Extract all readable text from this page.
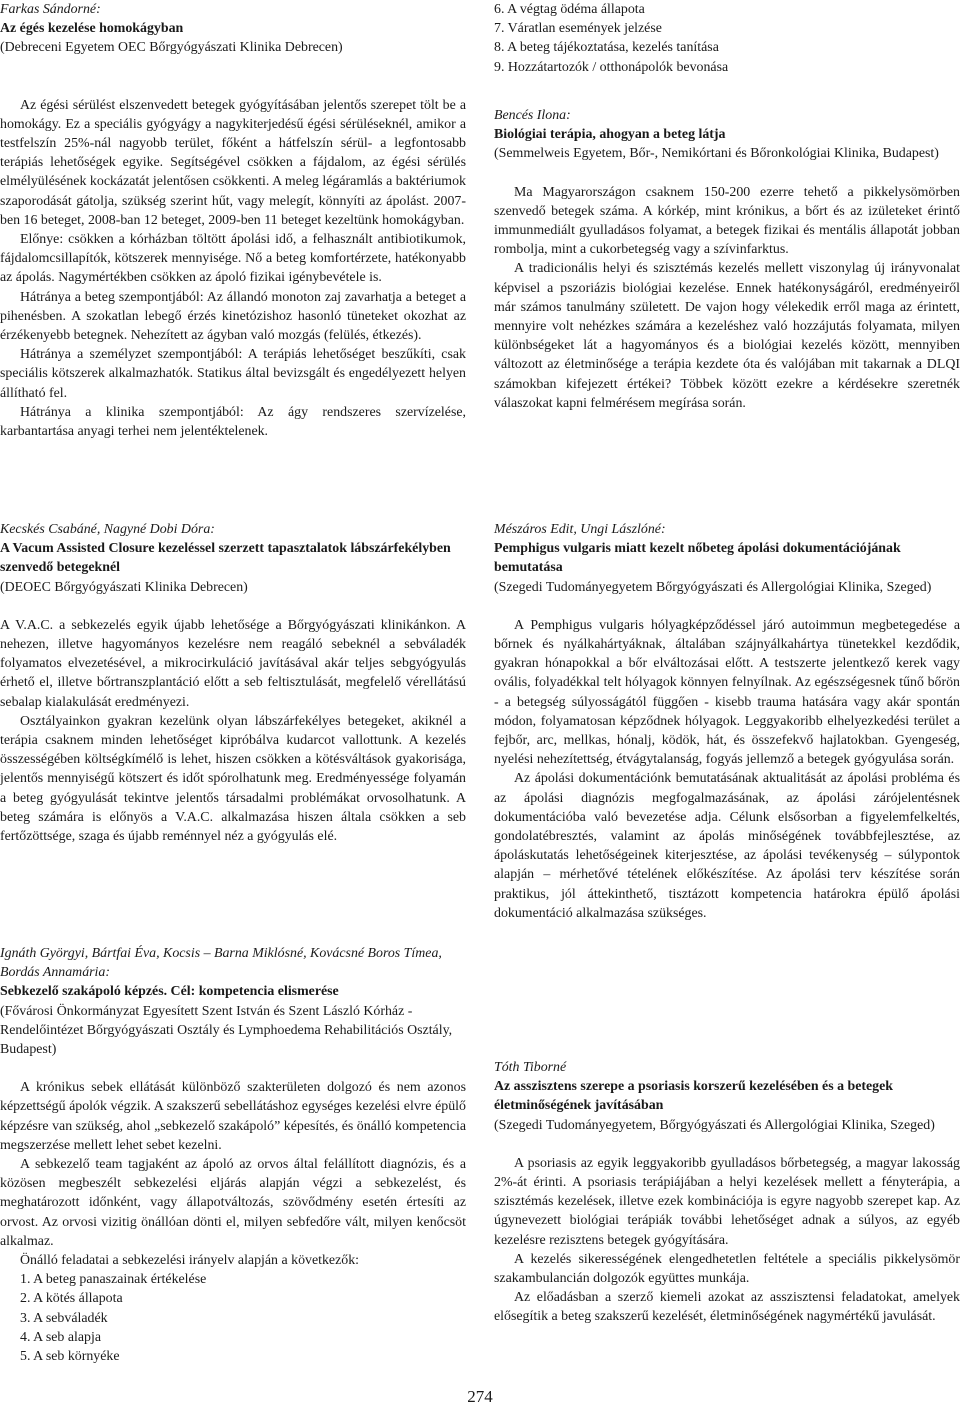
Farkas Sándorné:
Az égés kezelése homokágyban
(Debreceni Egyetem OEC Bőrgyógyászati Klinika Debrecen)

Az égési sérülést elszenvedett betegek gyógyításában jelentős szerepet tölt be a homokágy. Ez a speciális gyógyágy a nagykiterjedésű égési sérüléseknél, amikor a testfelszín 25%-nál nagyobb terület, főként a hátfelszín sérül- a legfontosabb terápiás lehetőségek egyike. Segítségével csökken a fájdalom, az égési sérülés elmélyülésének kockázatát jelentősen csökkenti. A meleg légáramlás a baktériumok szaporodását gátolja, szükség szerint hűt, vagy melegít, könnyíti az ápolást. 2007-ben 16 beteget, 2008-ban 12 beteget, 2009-ben 11 beteget kezeltünk homokágyban.

Előnye: csökken a kórházban töltött ápolási idő, a felhasznált antibiotikumok, fájdalomcsillapítók, kötszerek mennyisége. Nő a beteg komfortérzete, hatékonyabb az ápolás. Nagymértékben csökken az ápoló fizikai igénybevétele is.

Hátránya a beteg szempontjából: Az állandó monoton zaj zavarhatja a beteget a pihenésben. A szokatlan lebegő érzés kinetózishoz hasonló tüneteket okozhat az érzékenyebb betegnek. Nehezített az ágyban való mozgás (felülés, étkezés).

Hátránya a személyzet szempontjából: A terápiás lehetőséget beszűkíti, csak speciális kötszerek alkalmazhatók. Statikus által bevizsgált és engedélyezett helyen állítható fel.

Hátránya a klinika szempontjából: Az ágy rendszeres szervízelése, karbantartása anyagi terhei nem jelentéktelenek.

Kecskés Csabáné, Nagyné Dobi Dóra:
A Vacum Assisted Closure kezeléssel szerzett tapasztalatok lábszárfekélyben szenvedő betegeknél
(DEOEC Bőrgyógyászati Klinika Debrecen)

A V.A.C. a sebkezelés egyik újabb lehetősége a Bőrgyógyászati klinikánkon. A nehezen, illetve hagyományos kezelésre nem reagáló sebeknél a sebváladék folyamatos elvezetésével, a mikrocirkuláció javításával akár teljes sebgyógyulás érhető el, illetve bőrtranszplantáció előtt a seb feltisztulását, megfelelő vérellátású sebalap kialakulását eredményezi.

Osztályainkon gyakran kezelünk olyan lábszárfekélyes betegeket, akiknél a terápia csaknem minden lehetőséget kipróbálva kudarcot vallottunk. A kezelés összességében költségkímélő is lehet, hiszen csökken a kötésváltások gyakorisága, jelentős mennyiségű kötszert és időt spórolhatunk meg. Eredményessége folyamán a beteg gyógyulását tekintve jelentős társadalmi problémákat orvosolhatunk. A beteg számára is előnyös a V.A.C. alkalmazása hiszen általa csökken a seb fertőzöttsége, szaga és újabb reménnyel néz a gyógyulás elé.

Ignáth Györgyi, Bártfai Éva, Kocsis – Barna Miklósné, Kovácsné Boros Tímea, Bordás Annamária:
Sebkezelő szakápoló képzés. Cél: kompetencia elismerése
(Fővárosi Önkormányzat Egyesített Szent István és Szent László Kórház - Rendelőintézet Bőrgyógyászati Osztály és Lymphoedema Rehabilitációs Osztály, Budapest)

A krónikus sebek ellátását különböző szakterületen dolgozó és nem azonos képzettségű ápolók végzik. A szakszerű sebellátáshoz egységes kezelési elvre épülő képzésre van szükség, ahol „sebkezelő szakápoló” képesítés, és önálló kompetencia megszerzése mellett lehet sebet kezelni.

A sebkezelő team tagjaként az ápoló az orvos által felállított diagnózis, és a közösen megbeszélt sebkezelési eljárás alapján végzi a sebkezelést, és meghatározott időnként, vagy állapotváltozás, szövődmény esetén értesíti az orvost. Az orvosi vizitig önállóan dönti el, milyen sebfedőre vált, milyen kenőcsöt alkalmaz.

Önálló feladatai a sebkezelési irányelv alapján a következők:

1. A beteg panaszainak értékelése
2. A kötés állapota
3. A sebváladék
4. A seb alapja
5. A seb környéke
6. A végtag ödéma állapota
7. Váratlan események jelzése
8. A beteg tájékoztatása, kezelés tanítása
9. Hozzátartozók / otthonápolók bevonása
Bencés Ilona:
Biológiai terápia, ahogyan a beteg látja
(Semmelweis Egyetem, Bőr-, Nemikórtani és Bőronkológiai Klinika, Budapest)

Ma Magyarországon csaknem 150-200 ezerre tehető a pikkelysömörben szenvedő betegek száma. A kórkép, mint krónikus, a bőrt és az izületeket érintő immunmediált gyulladásos folyamat, a betegek fizikai és mentális állapotát jobban rombolja, mint a cukorbetegség vagy a szívinfarktus.

A tradicionális helyi és szisztémás kezelés mellett viszonylag új irányvonalat képvisel a pszoriázis biológiai kezelése. Ennek hatékonyságáról, eredményeiről már számos tanulmány született. De vajon hogy vélekedik erről maga az érintett, mennyire volt nehézkes számára a kezeléshez való hozzájutás folyamata, milyen különbségeket lát a hagyományos és a biológiai kezelés között, mennyiben változott az életminősége a terápia kezdete óta és valójában mit takarnak a DLQI számokban kifejezett értékei? Többek között ezekre a kérdésekre szeretnék válaszokat kapni felmérésem megírása során.

Mészáros Edit, Ungi Lászlóné:
Pemphigus vulgaris miatt kezelt nőbeteg ápolási dokumentációjának bemutatása
(Szegedi Tudományegyetem Bőrgyógyászati és Allergológiai Klinika, Szeged)

A Pemphigus vulgaris hólyagképződéssel járó autoimmun megbetegedése a bőrnek és nyálkahártyáknak, általában szájnyálkahártya tünetekkel kezdődik, gyakran hónapokkal a bőr elváltozásai előtt. A testszerte jelentkező kerek vagy ovális, folyadékkal telt hólyagok könnyen felnyílnak. Az egészségesnek tűnő bőrön - a betegség súlyosságától függően - kisebb trauma hatására vagy akár spontán módon, folyamatosan képződnek hólyagok. Leggyakoribb elhelyezkedési terület a fejbőr, arc, mellkas, hónalj, ködök, hát, és összefekvő hajlatokban. Gyengeség, nyelési nehezítettség, étvágytalanság, fogyás jellemző a betegek gyógyulása során.

Az ápolási dokumentációnk bemutatásának aktualitását az ápolási probléma és az ápolási diagnózis megfogalmazásának, az ápolási zárójelentésnek dokumentációba való bevezetése adja. Célunk elsősorban a figyelemfelkeltés, gondolatébresztés, valamint az ápolás minőségének továbbfejlesztése, az ápoláskutatás lehetőségeinek kiterjesztése, az ápolási tevékenység – súlypontok alapján – mérhetővé tételének előkészítése. Az ápolási terv készítése során praktikus, jól áttekinthető, tisztázott kompetencia határokra épülő ápolási dokumentáció alkalmazása szükséges.

Tóth Tiborné
Az asszisztens szerepe a psoriasis korszerű kezelésében és a betegek életminőségének javításában
(Szegedi Tudományegyetem, Bőrgyógyászati és Allergológiai Klinika, Szeged)

A psoriasis az egyik leggyakoribb gyulladásos bőrbetegség, a magyar lakosság 2%-át érinti. A psoriasis terápiájában a helyi kezelések mellett a fényterápia, a szisztémás kezelések, illetve ezek kombinációja is egyre nagyobb szerepet kap. Az úgynevezett biológiai terápiák további lehetőséget adnak a súlyos, az egyéb kezelésre rezisztens betegek gyógyítására.

A kezelés sikerességének elengedhetetlen feltétele a speciális pikkelysömör szakambulancián dolgozók együttes munkája.

Az előadásban a szerző kiemeli azokat az asszisztensi feladatokat, amelyek elősegítik a beteg szakszerű kezelését, életminőségének nagymértékű javulását.

274
